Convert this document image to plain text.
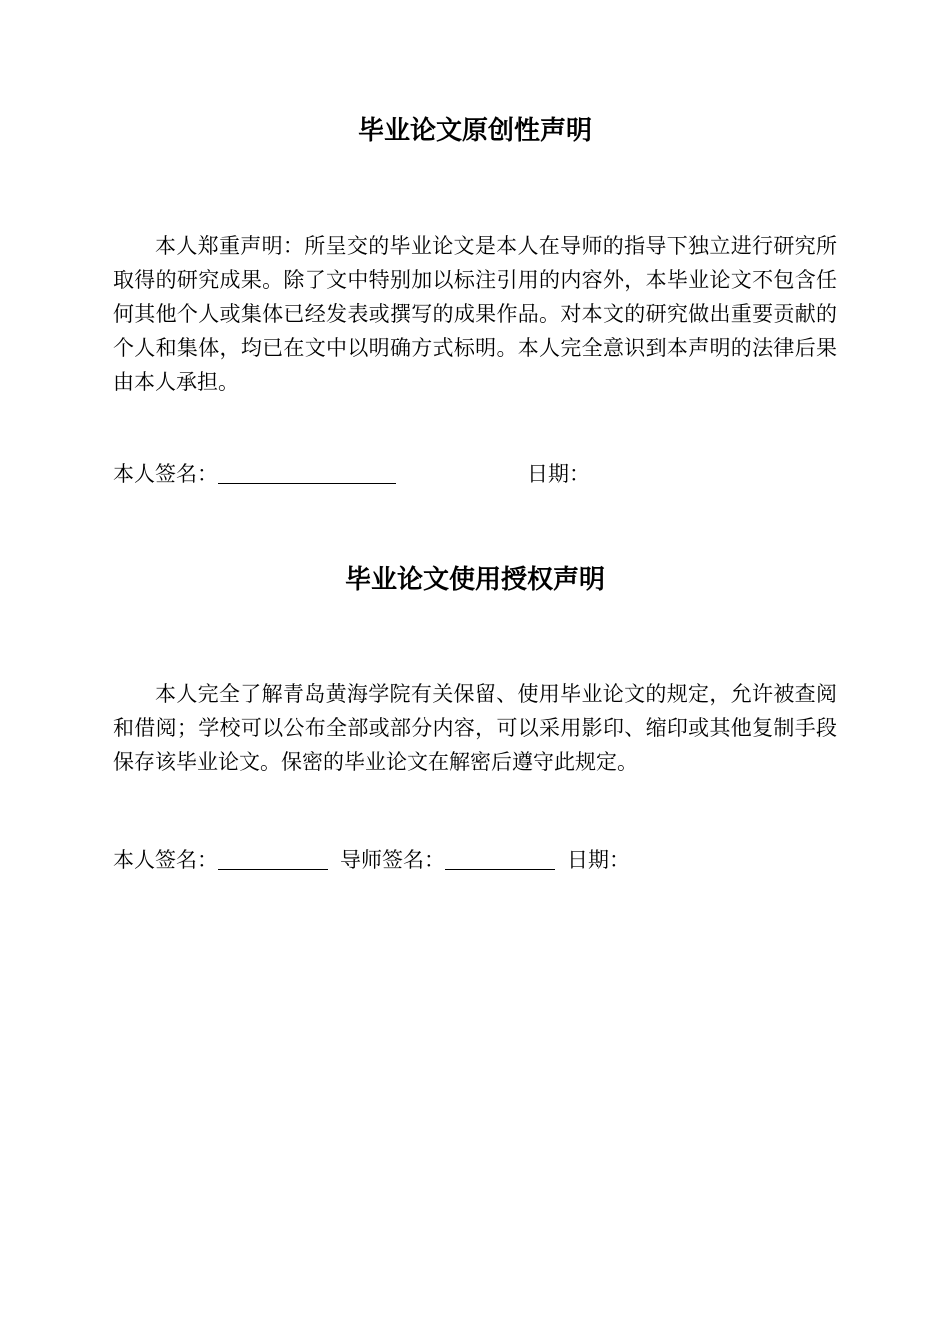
毕业论文原创性声明

本人郑重声明：所呈交的毕业论文是本人在导师的指导下独立进行研究所取得的研究成果。除了文中特别加以标注引用的内容外，本毕业论文不包含任何其他个人或集体已经发表或撰写的成果作品。对本文的研究做出重要贡献的个人和集体，均已在文中以明确方式标明。本人完全意识到本声明的法律后果由本人承担。

本人签名：	日期：
毕业论文使用授权声明

本人完全了解青岛黄海学院有关保留、使用毕业论文的规定，允许被查阅和借阅；学校可以公布全部或部分内容，可以采用影印、缩印或其他复制手段保存该毕业论文。保密的毕业论文在解密后遵守此规定。

本人签名：	导师签名：	日期：
